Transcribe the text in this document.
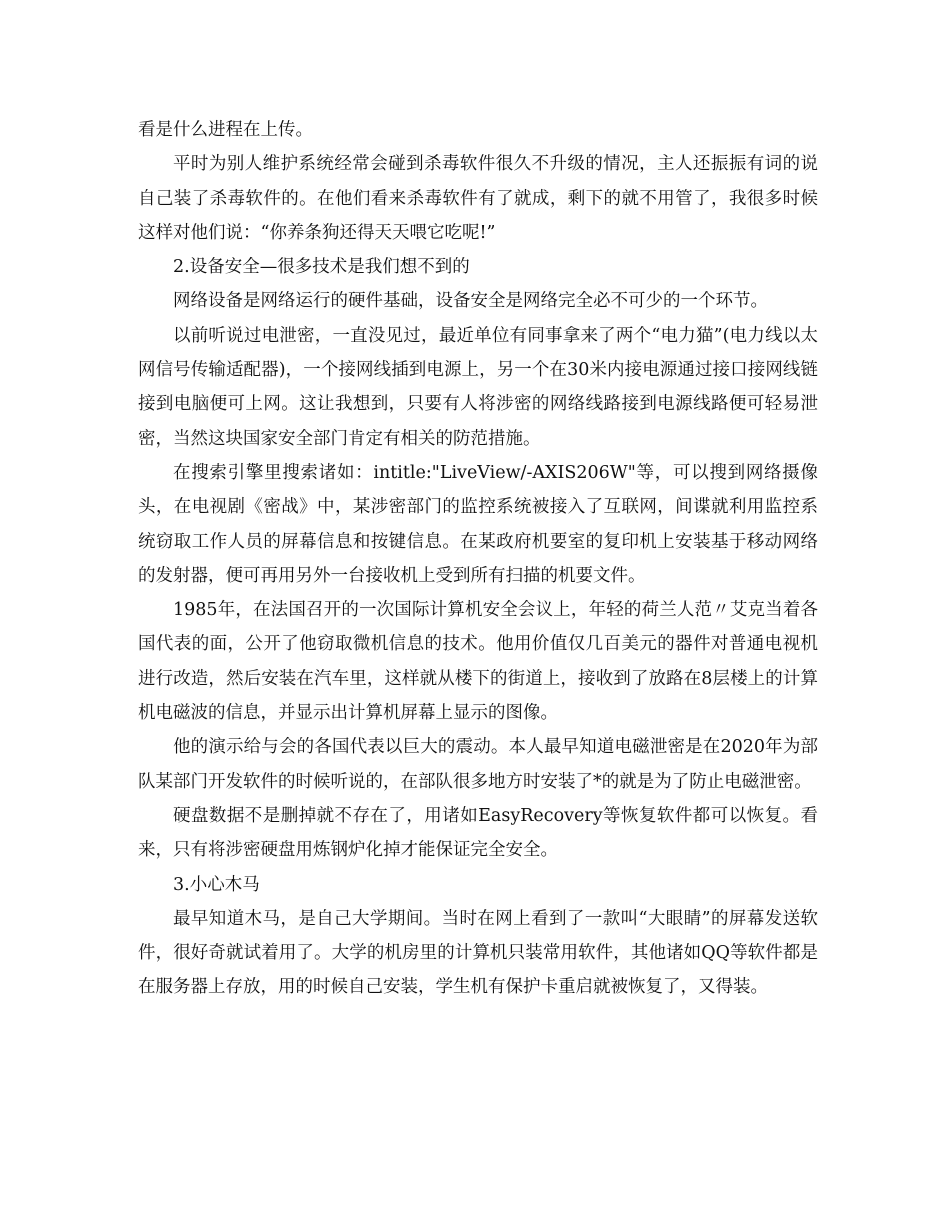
看是什么进程在上传。

平时为别人维护系统经常会碰到杀毒软件很久不升级的情况，主人还振振有词的说自己装了杀毒软件的。在他们看来杀毒软件有了就成，剩下的就不用管了，我很多时候这样对他们说：“你养条狗还得天天喂它吃呢!”

2.设备安全—很多技术是我们想不到的

网络设备是网络运行的硬件基础，设备安全是网络完全必不可少的一个环节。

以前听说过电泄密，一直没见过，最近单位有同事拿来了两个“电力猫”(电力线以太网信号传输适配器)，一个接网线插到电源上，另一个在30米内接电源通过接口接网线链接到电脑便可上网。这让我想到，只要有人将涉密的网络线路接到电源线路便可轻易泄密，当然这块国家安全部门肯定有相关的防范措施。

在搜索引擎里搜索诸如：intitle:"LiveView/-AXIS206W"等，可以搜到网络摄像头，在电视剧《密战》中，某涉密部门的监控系统被接入了互联网，间谍就利用监控系统窃取工作人员的屏幕信息和按键信息。在某政府机要室的复印机上安装基于移动网络的发射器，便可再用另外一台接收机上受到所有扫描的机要文件。

1985年，在法国召开的一次国际计算机安全会议上，年轻的荷兰人范〃艾克当着各国代表的面，公开了他窃取微机信息的技术。他用价值仅几百美元的器件对普通电视机进行改造，然后安装在汽车里，这样就从楼下的街道上，接收到了放路在8层楼上的计算机电磁波的信息，并显示出计算机屏幕上显示的图像。

他的演示给与会的各国代表以巨大的震动。本人最早知道电磁泄密是在2020年为部队某部门开发软件的时候听说的，在部队很多地方时安装了*的就是为了防止电磁泄密。

硬盘数据不是删掉就不存在了，用诸如EasyRecovery等恢复软件都可以恢复。看来，只有将涉密硬盘用炼钢炉化掉才能保证完全安全。

3.小心木马

最早知道木马，是自己大学期间。当时在网上看到了一款叫“大眼睛”的屏幕发送软件，很好奇就试着用了。大学的机房里的计算机只装常用软件，其他诸如QQ等软件都是在服务器上存放，用的时候自己安装，学生机有保护卡重启就被恢复了，又得装。
